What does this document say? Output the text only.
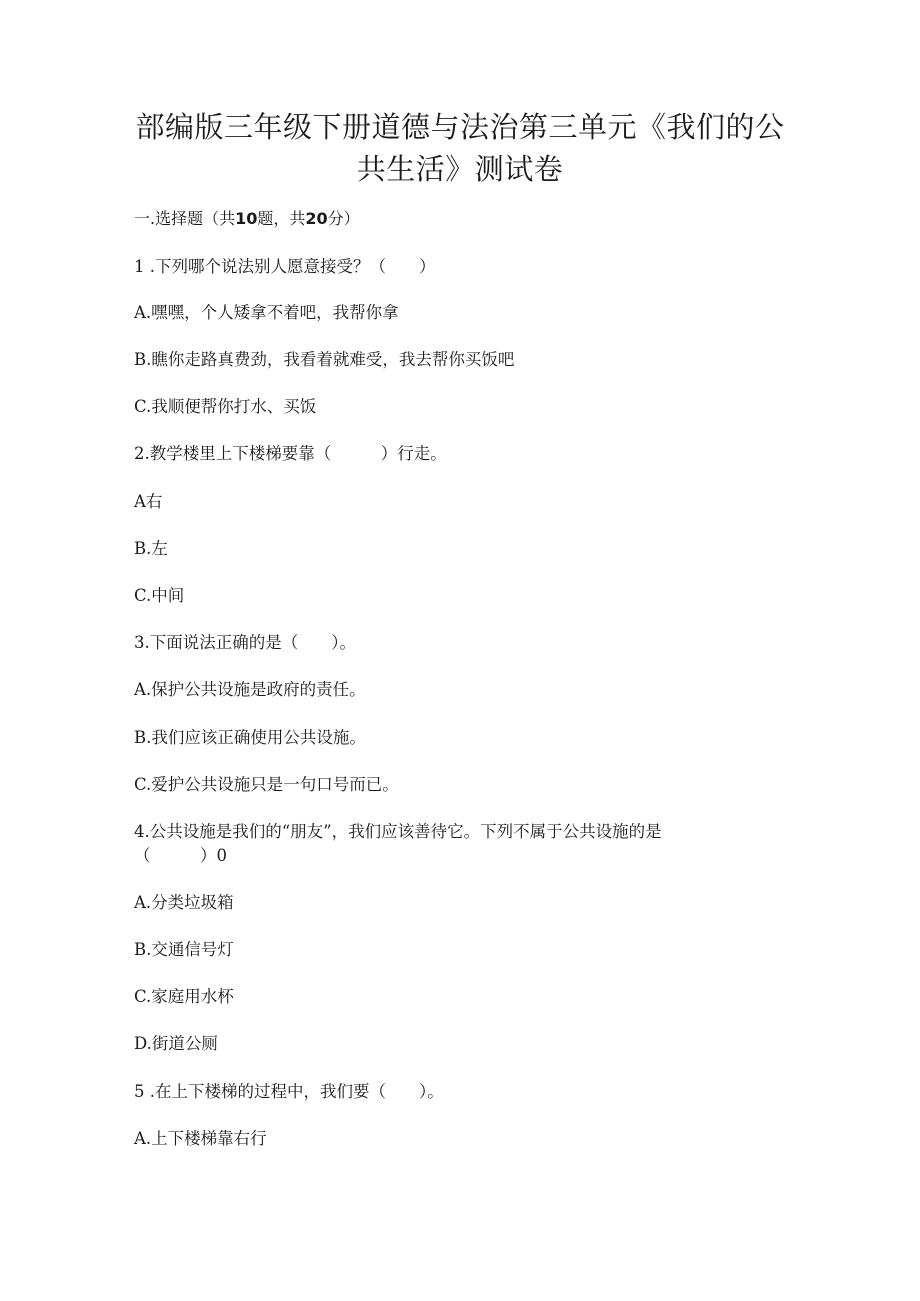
部编版三年级下册道德与法治第三单元《我们的公
共生活》测试卷
一.选择题（共10题，共20分）
1 .下列哪个说法别人愿意接受？（　　）
A.嘿嘿，个人矮拿不着吧，我帮你拿
B.瞧你走路真费劲，我看着就难受，我去帮你买饭吧
C.我顺便帮你打水、买饭
2.教学楼里上下楼梯要靠（　　　）行走。
A右
B.左
C.中间
3.下面说法正确的是（　　）。
A.保护公共设施是政府的责任。
B.我们应该正确使用公共设施。
C.爱护公共设施只是一句口号而已。
4.公共设施是我们的“朋友”，我们应该善待它。下列不属于公共设施的是
（　　　）0
A.分类垃圾箱
B.交通信号灯
C.家庭用水杯
D.街道公厕
5 .在上下楼梯的过程中，我们要（　　）。
A.上下楼梯靠右行
